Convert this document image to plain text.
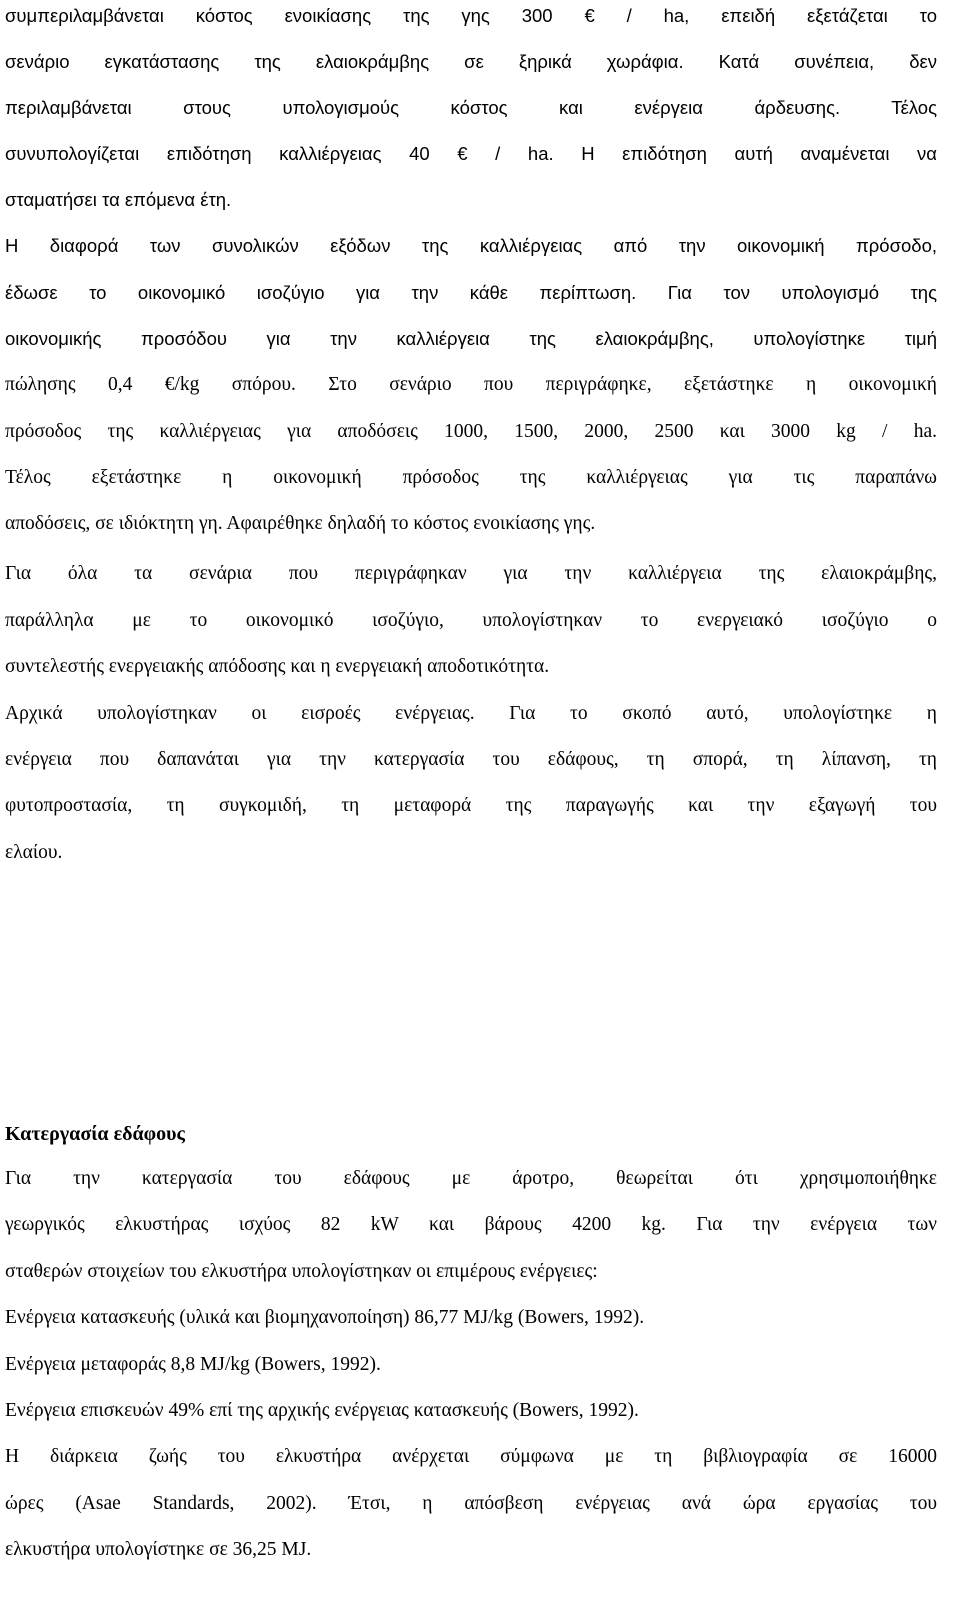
συμπεριλαμβάνεται κόστος ενοικίασης της γης 300 € / ha, επειδή εξετάζεται το
σενάριο εγκατάστασης της ελαιοκράμβης σε ξηρικά χωράφια. Κατά συνέπεια, δεν
περιλαμβάνεται στους υπολογισμούς κόστος και ενέργεια άρδευσης. Τέλος
συνυπολογίζεται επιδότηση καλλιέργειας 40 € / ha. Η επιδότηση αυτή αναμένεται να
σταματήσει τα επόμενα έτη.
Η διαφορά των συνολικών εξόδων της καλλιέργειας από την οικονομική πρόσοδο,
έδωσε το οικονομικό ισοζύγιο για την κάθε περίπτωση. Για τον υπολογισμό της
οικονομικής προσόδου για την καλλιέργεια της ελαιοκράμβης, υπολογίστηκε τιμή
πώλησης 0,4 €/kg σπόρου. Στο σενάριο που περιγράφηκε, εξετάστηκε η οικονομική
πρόσοδος της καλλιέργειας για αποδόσεις 1000, 1500, 2000, 2500 και 3000 kg / ha.
Τέλος εξετάστηκε η οικονομική πρόσοδος της καλλιέργειας για τις παραπάνω
αποδόσεις, σε ιδιόκτητη γη. Αφαιρέθηκε δηλαδή το κόστος ενοικίασης γης.
Για όλα τα σενάρια που περιγράφηκαν για την καλλιέργεια της ελαιοκράμβης,
παράλληλα με το οικονομικό ισοζύγιο, υπολογίστηκαν το ενεργειακό ισοζύγιο ο
συντελεστής ενεργειακής απόδοσης και η ενεργειακή αποδοτικότητα.
Αρχικά υπολογίστηκαν οι εισροές ενέργειας. Για το σκοπό αυτό, υπολογίστηκε η
ενέργεια που δαπανάται για την κατεργασία του εδάφους, τη σπορά, τη λίπανση, τη
φυτοπροστασία, τη συγκομιδή, τη μεταφορά της παραγωγής και την εξαγωγή του
ελαίου.
Κατεργασία εδάφους
Για την κατεργασία του εδάφους με άροτρο, θεωρείται ότι χρησιμοποιήθηκε
γεωργικός ελκυστήρας ισχύος 82 kW και βάρους 4200 kg. Για την ενέργεια των
σταθερών στοιχείων του ελκυστήρα υπολογίστηκαν οι επιμέρους ενέργειες:
Ενέργεια κατασκευής (υλικά και βιομηχανοποίηση) 86,77 MJ/kg (Bowers, 1992).
Ενέργεια μεταφοράς 8,8 MJ/kg (Bowers, 1992).
Ενέργεια επισκευών 49% επί της αρχικής ενέργειας κατασκευής (Bowers, 1992).
Η διάρκεια ζωής του ελκυστήρα ανέρχεται σύμφωνα με τη βιβλιογραφία σε 16000
ώρες (Asae Standards, 2002). Έτσι, η απόσβεση ενέργειας ανά ώρα εργασίας του
ελκυστήρα υπολογίστηκε σε 36,25 MJ.
